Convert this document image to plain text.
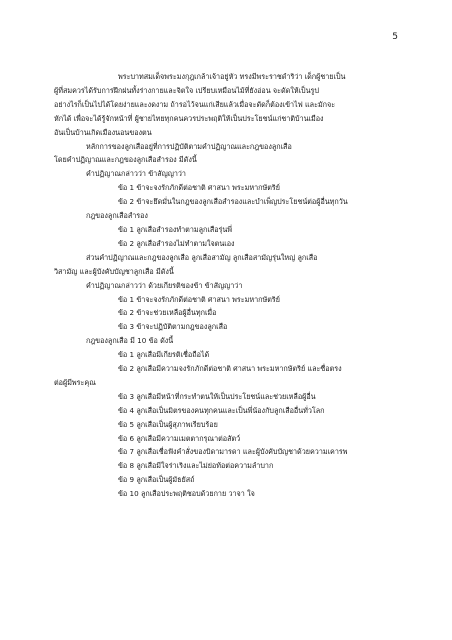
5
พระบาทสมเด็จพระมงกุฎเกล้าเจ้าอยู่หัว ทรงมีพระราชดำริว่า เด็กผู้ชายเป็น
ผู้ที่สมควรได้รับการฝึกฝนทั้งร่างกายและจิตใจ เปรียบเหมือนไม้ที่ยังอ่อน จะดัดให้เป็นรูป
อย่างไรก็เป็นไปได้โดยง่ายและงดงาม ถ้ารอไว้จนแก่เสียแล้วเมื่อจะดัดก็ต้องเข้าไฟ และมักจะ
หักได้ เพื่อจะได้รู้จักหน้าที่ ผู้ชายไทยทุกคนควรประพฤติให้เป็นประโยชน์แก่ชาติบ้านเมือง
อันเป็นบ้านเกิดเมืองนอนของตน
หลักการของลูกเสืออยู่ที่การปฏิบัติตามคำปฏิญาณและกฎของลูกเสือ
โดยคำปฏิญาณและกฎของลูกเสือสำรอง มีดังนี้
คำปฏิญาณกล่าวว่า ข้าสัญญาว่า
ข้อ 1 ข้าจะจงรักภักดีต่อชาติ ศาสนา พระมหากษัตริย์
ข้อ 2 ข้าจะยึดมั่นในกฎของลูกเสือสำรองและบำเพ็ญประโยชน์ต่อผู้อื่นทุกวัน
กฎของลูกเสือสำรอง
ข้อ 1 ลูกเสือสำรองทำตามลูกเสือรุ่นพี่
ข้อ 2 ลูกเสือสำรองไม่ทำตามใจตนเอง
ส่วนคำปฏิญาณและกฎของลูกเสือ ลูกเสือสามัญ ลูกเสือสามัญรุ่นใหญ่ ลูกเสือ
วิสามัญ และผู้บังคับบัญชาลูกเสือ มีดังนี้
คำปฏิญาณกล่าวว่า ด้วยเกียรติของข้า ข้าสัญญาว่า
ข้อ 1 ข้าจะจงรักภักดีต่อชาติ ศาสนา พระมหากษัตริย์
ข้อ 2 ข้าจะช่วยเหลือผู้อื่นทุกเมื่อ
ข้อ 3 ข้าจะปฏิบัติตามกฎของลูกเสือ
กฎของลูกเสือ มี 10 ข้อ ดังนี้
ข้อ 1 ลูกเสือมีเกียรติเชื่อถือได้
ข้อ 2 ลูกเสือมีความจงรักภักดีต่อชาติ ศาสนา พระมหากษัตริย์ และซื่อตรง
ต่อผู้มีพระคุณ
ข้อ 3 ลูกเสือมีหน้าที่กระทำตนให้เป็นประโยชน์และช่วยเหลือผู้อื่น
ข้อ 4 ลูกเสือเป็นมิตรของคนทุกคนและเป็นพี่น้องกับลูกเสืออื่นทั่วโลก
ข้อ 5 ลูกเสือเป็นผู้สุภาพเรียบร้อย
ข้อ 6 ลูกเสือมีความเมตตากรุณาต่อสัตว์
ข้อ 7 ลูกเสือเชื่อฟังคำสั่งของบิดามารดา และผู้บังคับบัญชาด้วยความเคารพ
ข้อ 8 ลูกเสือมีใจร่าเริงและไม่ย่อท้อต่อความลำบาก
ข้อ 9 ลูกเสือเป็นผู้มัธยัสถ์
ข้อ 10 ลูกเสือประพฤติชอบด้วยกาย วาจา ใจ
